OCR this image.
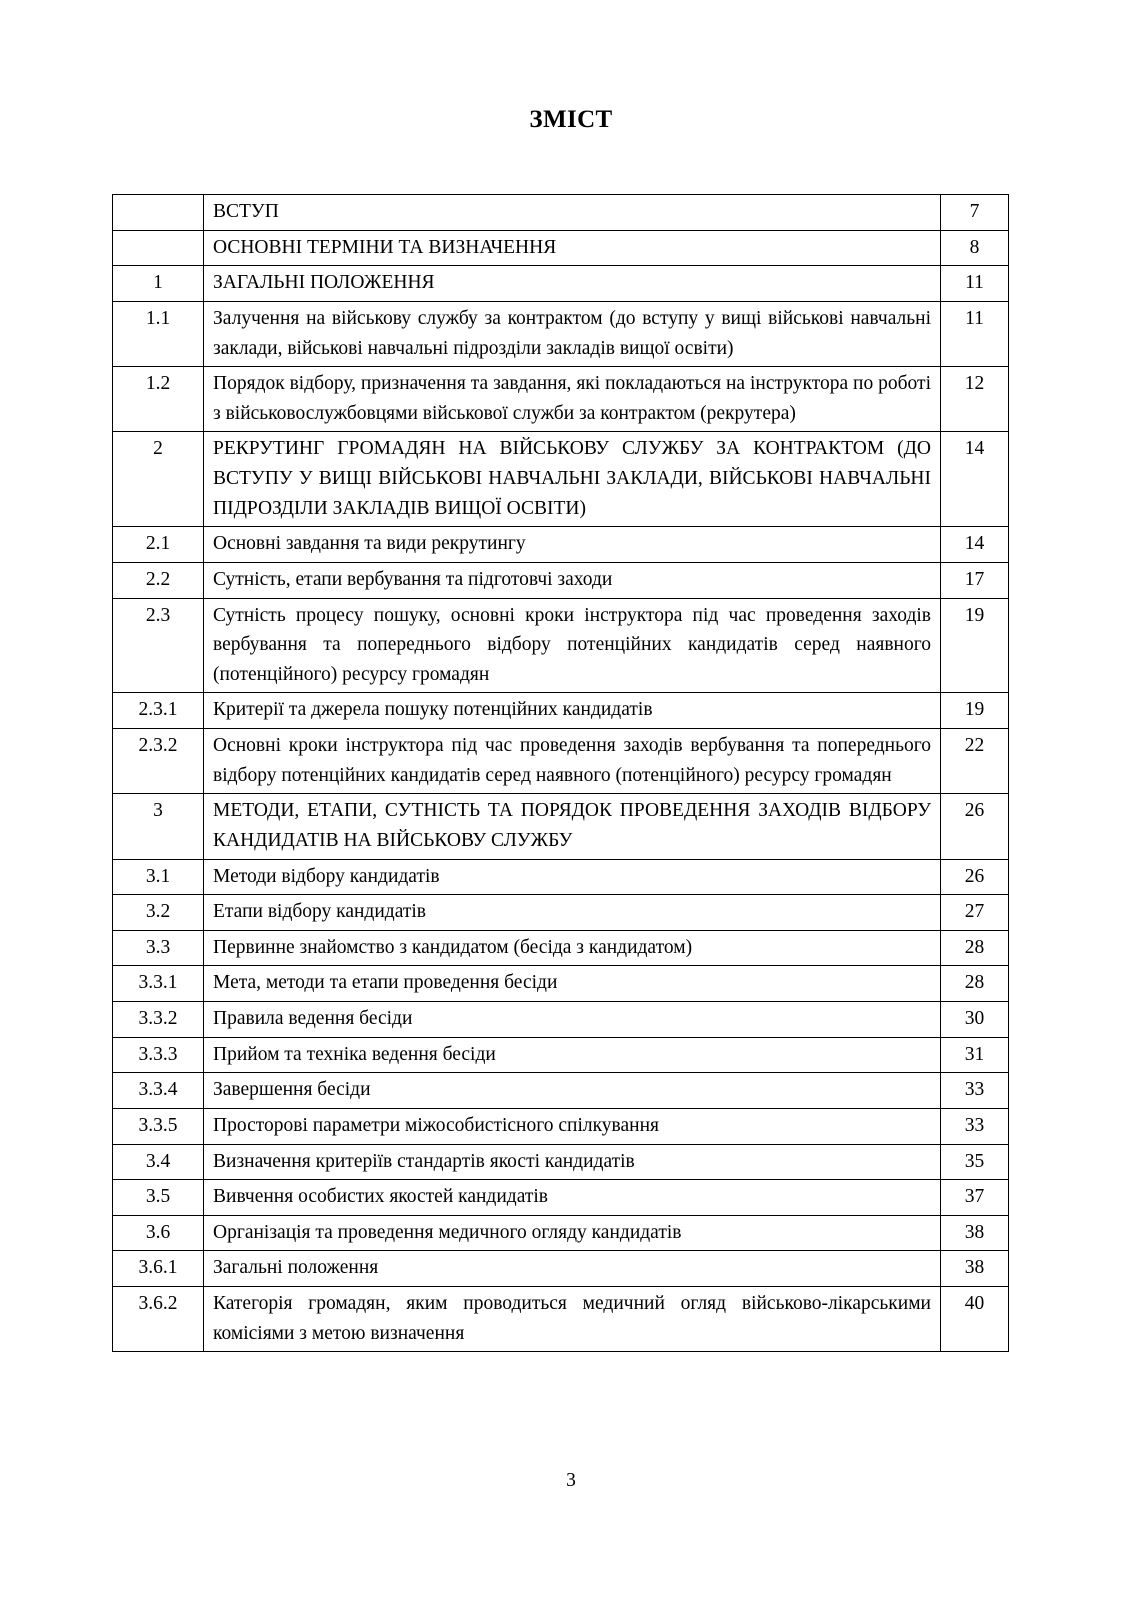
ЗМІСТ
	ВСТУП	7
	ОСНОВНІ ТЕРМІНИ ТА ВИЗНАЧЕННЯ	8
1	ЗАГАЛЬНІ ПОЛОЖЕННЯ	11
1.1	Залучення на військову службу за контрактом (до вступу у вищі військові навчальні заклади, військові навчальні підрозділи закладів вищої освіти)	11
1.2	Порядок відбору, призначення та завдання, які покладаються на інструктора по роботі з військовослужбовцями військової служби за контрактом (рекрутера)	12
2	РЕКРУТИНГ ГРОМАДЯН НА ВІЙСЬКОВУ СЛУЖБУ ЗА КОНТРАКТОМ (ДО ВСТУПУ У ВИЩІ ВІЙСЬКОВІ НАВЧАЛЬНІ ЗАКЛАДИ, ВІЙСЬКОВІ НАВЧАЛЬНІ ПІДРОЗДІЛИ ЗАКЛАДІВ ВИЩОЇ ОСВІТИ)	14
2.1	Основні завдання та види рекрутингу	14
2.2	Сутність, етапи вербування та підготовчі заходи	17
2.3	Сутність процесу пошуку, основні кроки інструктора під час проведення заходів вербування та попереднього відбору потенційних кандидатів серед наявного (потенційного) ресурсу громадян	19
2.3.1	Критерії та джерела пошуку потенційних кандидатів	19
2.3.2	Основні кроки інструктора під час проведення заходів вербування та попереднього відбору потенційних кандидатів серед наявного (потенційного) ресурсу громадян	22
3	МЕТОДИ, ЕТАПИ, СУТНІСТЬ ТА ПОРЯДОК ПРОВЕДЕННЯ ЗАХОДІВ ВІДБОРУ КАНДИДАТІВ НА ВІЙСЬКОВУ СЛУЖБУ	26
3.1	Методи відбору кандидатів	26
3.2	Етапи відбору кандидатів	27
3.3	Первинне знайомство з кандидатом (бесіда з кандидатом)	28
3.3.1	Мета, методи та етапи проведення бесіди	28
3.3.2	Правила ведення бесіди	30
3.3.3	Прийом та техніка ведення бесіди	31
3.3.4	Завершення бесіди	33
3.3.5	Просторові параметри міжособистісного спілкування	33
3.4	Визначення критеріїв стандартів якості кандидатів	35
3.5	Вивчення особистих якостей кандидатів	37
3.6	Організація та проведення медичного огляду кандидатів	38
3.6.1	Загальні положення	38
3.6.2	Категорія громадян, яким проводиться медичний огляд військово-лікарськими комісіями з метою визначення	40
3
